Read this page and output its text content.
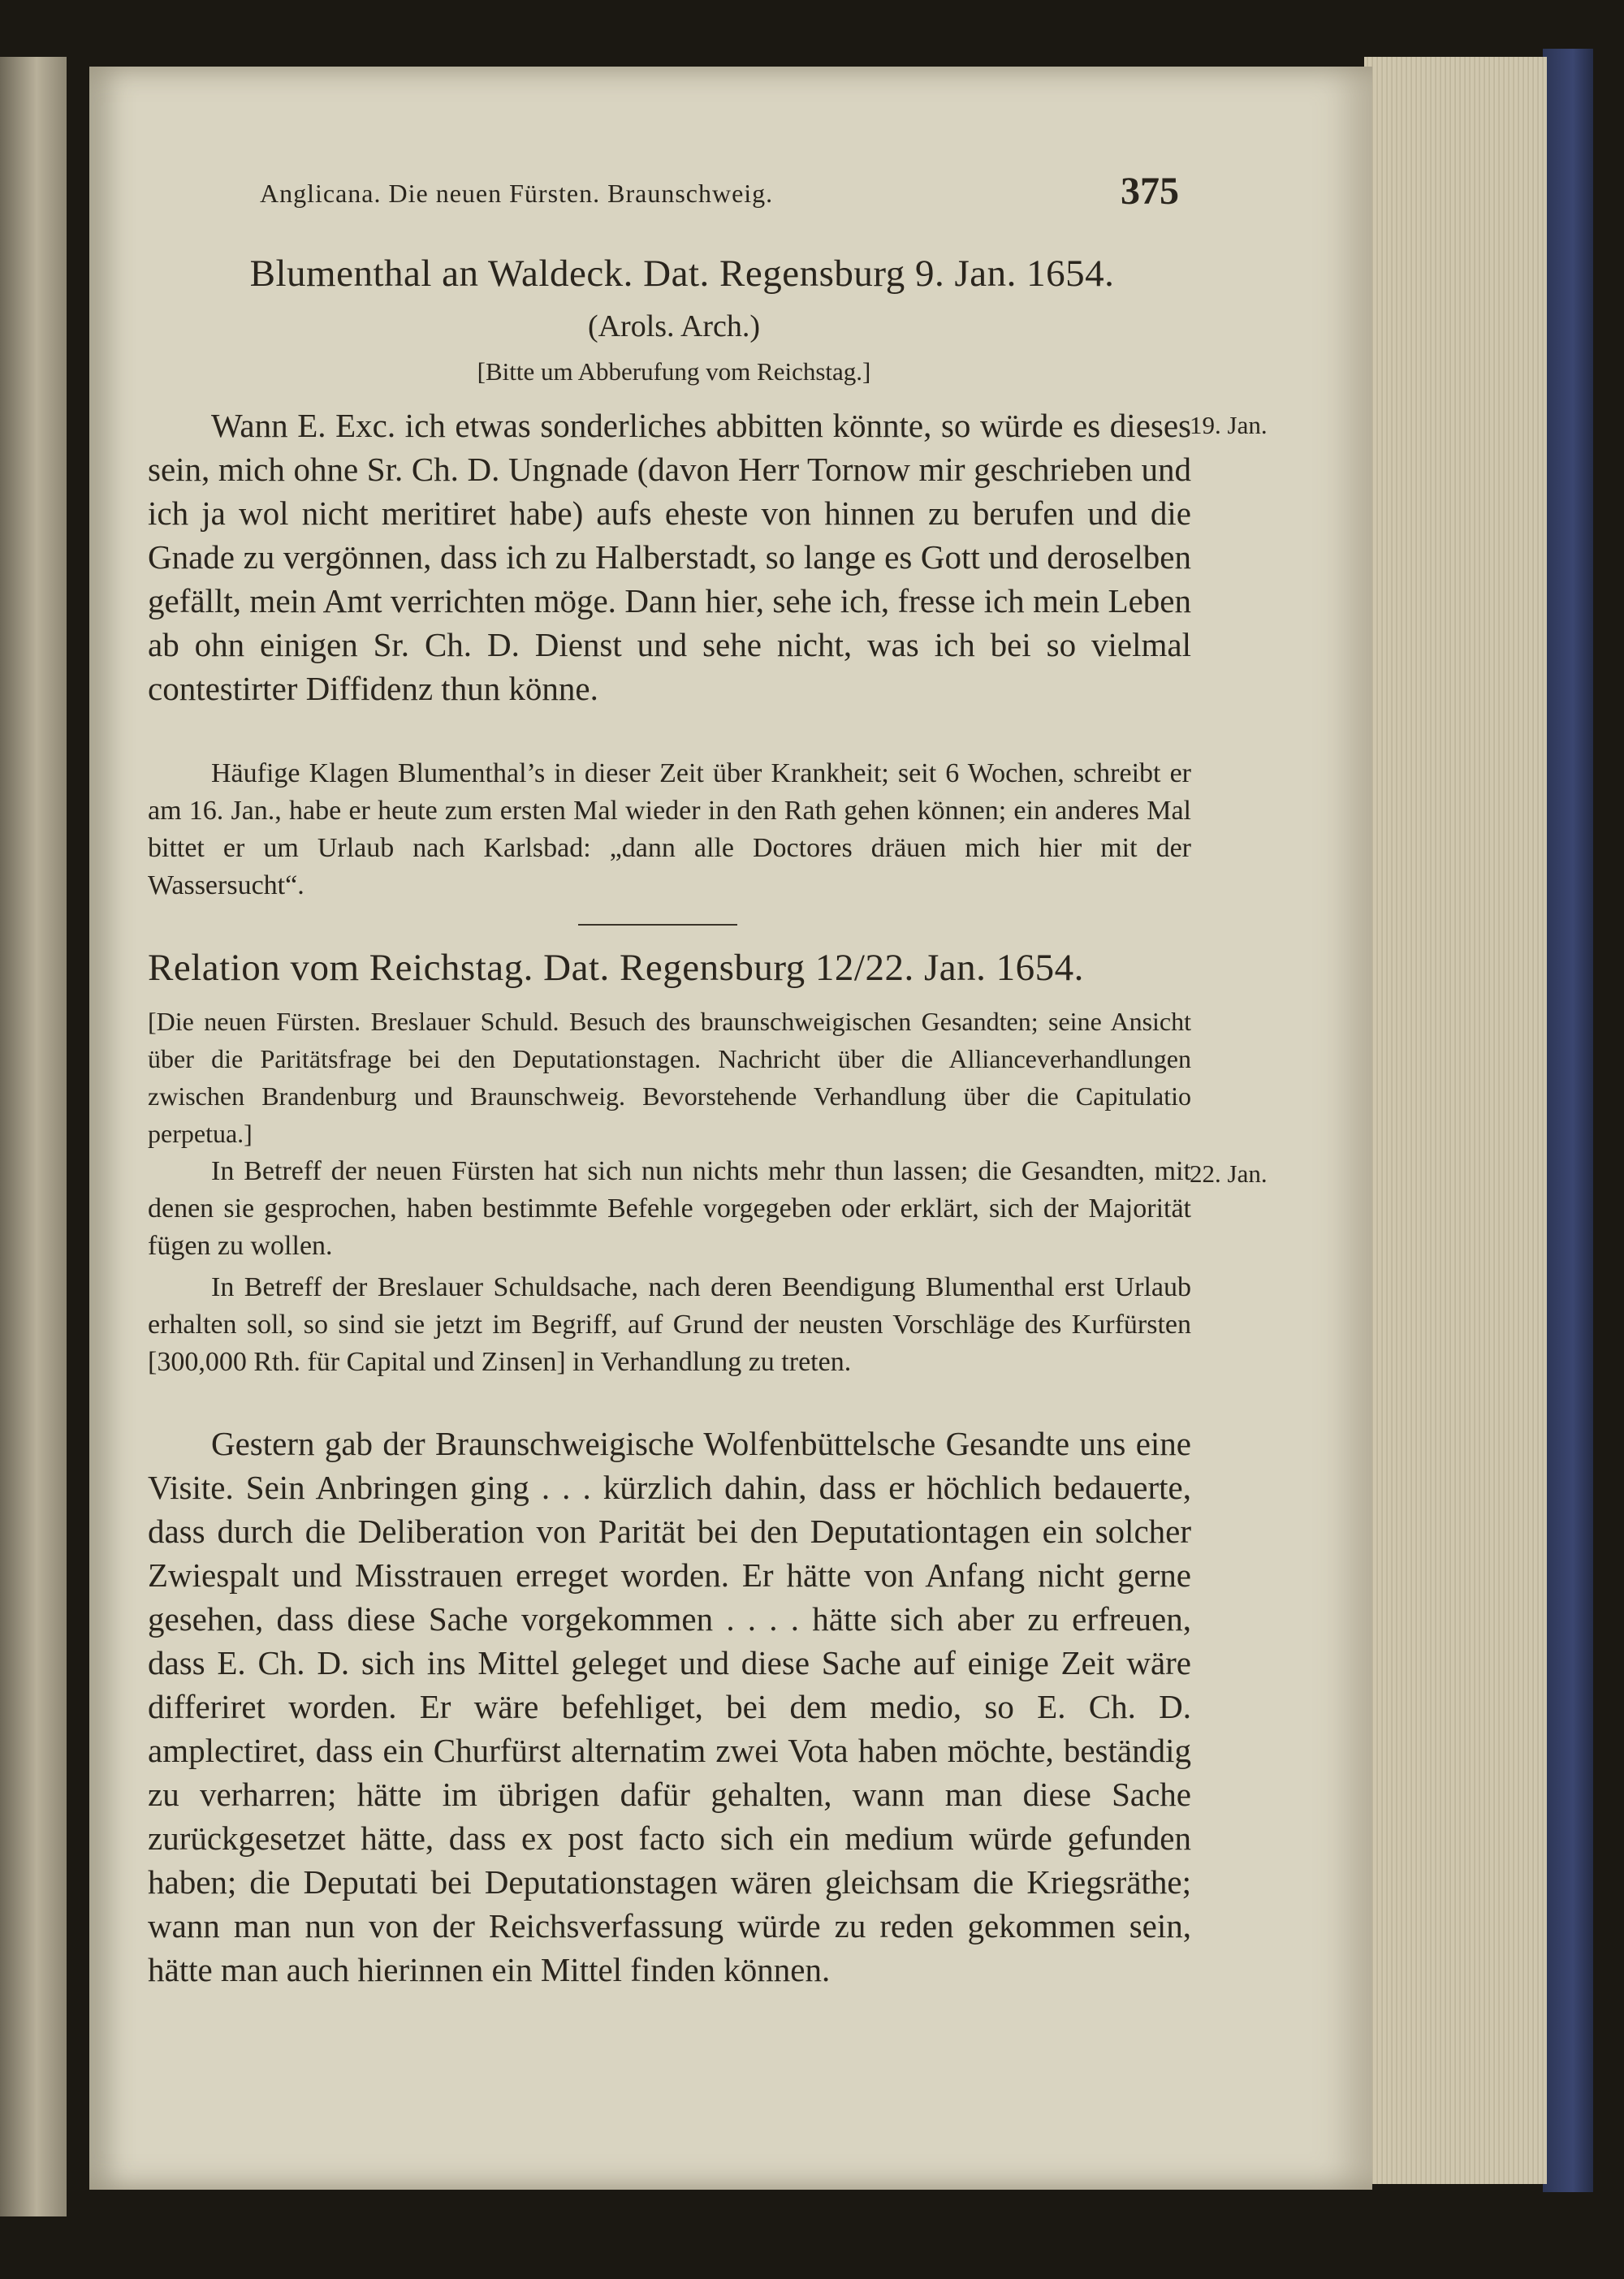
Anglicana. Die neuen Fürsten. Braunschweig.	375
Blumenthal an Waldeck. Dat. Regensburg 9. Jan. 1654.
(Arols. Arch.)
[Bitte um Abberufung vom Reichstag.]
Wann E. Exc. ich etwas sonderliches abbitten könnte, so würde es dieses sein, mich ohne Sr. Ch. D. Ungnade (davon Herr Tornow mir geschrieben und ich ja wol nicht meritiret habe) aufs eheste von hinnen zu berufen und die Gnade zu vergönnen, dass ich zu Halberstadt, so lange es Gott und deroselben gefällt, mein Amt verrichten möge. Dann hier, sehe ich, fresse ich mein Leben ab ohn einigen Sr. Ch. D. Dienst und sehe nicht, was ich bei so vielmal contestirter Diffidenz thun könne.
19. Jan.
Häufige Klagen Blumenthal’s in dieser Zeit über Krankheit; seit 6 Wochen, schreibt er am 16. Jan., habe er heute zum ersten Mal wieder in den Rath gehen können; ein anderes Mal bittet er um Urlaub nach Karlsbad: „dann alle Doctores dräuen mich hier mit der Wassersucht“.
Relation vom Reichstag. Dat. Regensburg 12/22. Jan. 1654.
[Die neuen Fürsten. Breslauer Schuld. Besuch des braunschweigischen Gesandten; seine Ansicht über die Paritätsfrage bei den Deputationstagen. Nachricht über die Allianceverhandlungen zwischen Brandenburg und Braunschweig. Bevorstehende Verhandlung über die Capitulatio perpetua.]
In Betreff der neuen Fürsten hat sich nun nichts mehr thun lassen; die Gesandten, mit denen sie gesprochen, haben bestimmte Befehle vorgegeben oder erklärt, sich der Majorität fügen zu wollen.
22. Jan.
In Betreff der Breslauer Schuldsache, nach deren Beendigung Blumenthal erst Urlaub erhalten soll, so sind sie jetzt im Begriff, auf Grund der neusten Vorschläge des Kurfürsten [300,000 Rth. für Capital und Zinsen] in Verhandlung zu treten.
Gestern gab der Braunschweigische Wolfenbüttelsche Gesandte uns eine Visite. Sein Anbringen ging . . . kürzlich dahin, dass er höchlich bedauerte, dass durch die Deliberation von Parität bei den Deputationtagen ein solcher Zwiespalt und Misstrauen erreget worden. Er hätte von Anfang nicht gerne gesehen, dass diese Sache vorgekommen . . . . hätte sich aber zu erfreuen, dass E. Ch. D. sich ins Mittel geleget und diese Sache auf einige Zeit wäre differiret worden. Er wäre befehliget, bei dem medio, so E. Ch. D. amplectiret, dass ein Churfürst alternatim zwei Vota haben möchte, beständig zu verharren; hätte im übrigen dafür gehalten, wann man diese Sache zurückgesetzet hätte, dass ex post facto sich ein medium würde gefunden haben; die Deputati bei Deputationstagen wären gleichsam die Kriegsräthe; wann man nun von der Reichsverfassung würde zu reden gekommen sein, hätte man auch hierinnen ein Mittel finden können.
